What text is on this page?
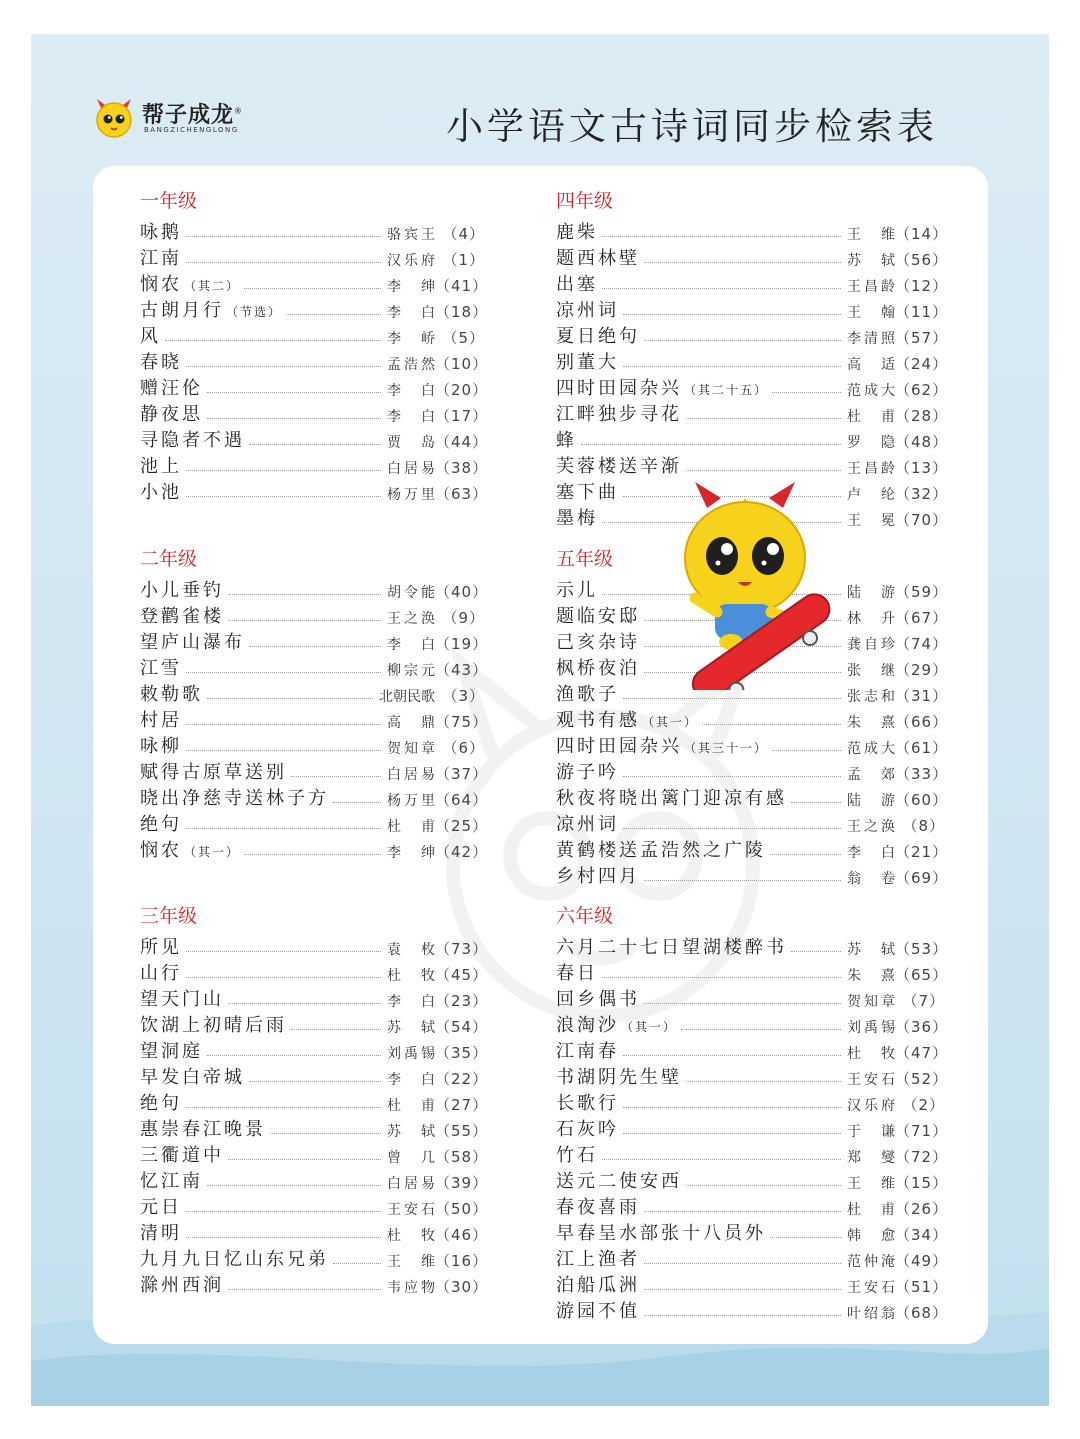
帮子成龙®
BANGZICHENGLONG	小学语文古诗词同步检索表
一年级
咏鹅	骆宾王 （4）
江南	汉乐府 （1）
悯农 （其二）	李　绅 （41）
古朗月行 （节选）	李　白 （18）
风	李　峤 （5）
春晓	孟浩然 （10）
赠汪伦	李　白 （20）
静夜思	李　白 （17）
寻隐者不遇	贾　岛 （44）
池上	白居易 （38）
小池	杨万里 （63）
二年级
小儿垂钓	胡令能 （40）
登鹳雀楼	王之涣 （9）
望庐山瀑布	李　白 （19）
江雪	柳宗元 （43）
敕勒歌	北朝民歌 （3）
村居	高　鼎 （75）
咏柳	贺知章 （6）
赋得古原草送别	白居易 （37）
晓出净慈寺送林子方	杨万里 （64）
绝句	杜　甫 （25）
悯农 （其一）	李　绅 （42）
三年级
所见	袁　枚 （73）
山行	杜　牧 （45）
望天门山	李　白 （23）
饮湖上初晴后雨	苏　轼 （54）
望洞庭	刘禹锡 （35）
早发白帝城	李　白 （22）
绝句	杜　甫 （27）
惠崇春江晚景	苏　轼 （55）
三衢道中	曾　几 （58）
忆江南	白居易 （39）
元日	王安石 （50）
清明	杜　牧 （46）
九月九日忆山东兄弟	王　维 （16）
滁州西涧	韦应物 （30）
四年级
鹿柴	王　维 （14）
题西林壁	苏　轼 （56）
出塞	王昌龄 （12）
凉州词	王　翰 （11）
夏日绝句	李清照 （57）
别董大	高　适 （24）
四时田园杂兴 （其二十五）	范成大 （62）
江畔独步寻花	杜　甫 （28）
蜂	罗　隐 （48）
芙蓉楼送辛渐	王昌龄 （13）
塞下曲	卢　纶 （32）
墨梅	王　冕 （70）
五年级
示儿	陆　游 （59）
题临安邸	林　升 （67）
己亥杂诗	龚自珍 （74）
枫桥夜泊	张　继 （29）
渔歌子	张志和 （31）
观书有感 （其一）	朱　熹 （66）
四时田园杂兴 （其三十一）	范成大 （61）
游子吟	孟　郊 （33）
秋夜将晓出篱门迎凉有感	陆　游 （60）
凉州词	王之涣 （8）
黄鹤楼送孟浩然之广陵	李　白 （21）
乡村四月	翁　卷 （69）
六年级
六月二十七日望湖楼醉书	苏　轼 （53）
春日	朱　熹 （65）
回乡偶书	贺知章 （7）
浪淘沙 （其一）	刘禹锡 （36）
江南春	杜　牧 （47）
书湖阴先生壁	王安石 （52）
长歌行	汉乐府 （2）
石灰吟	于　谦 （71）
竹石	郑　燮 （72）
送元二使安西	王　维 （15）
春夜喜雨	杜　甫 （26）
早春呈水部张十八员外	韩　愈 （34）
江上渔者	范仲淹 （49）
泊船瓜洲	王安石 （51）
游园不值	叶绍翁 （68）
